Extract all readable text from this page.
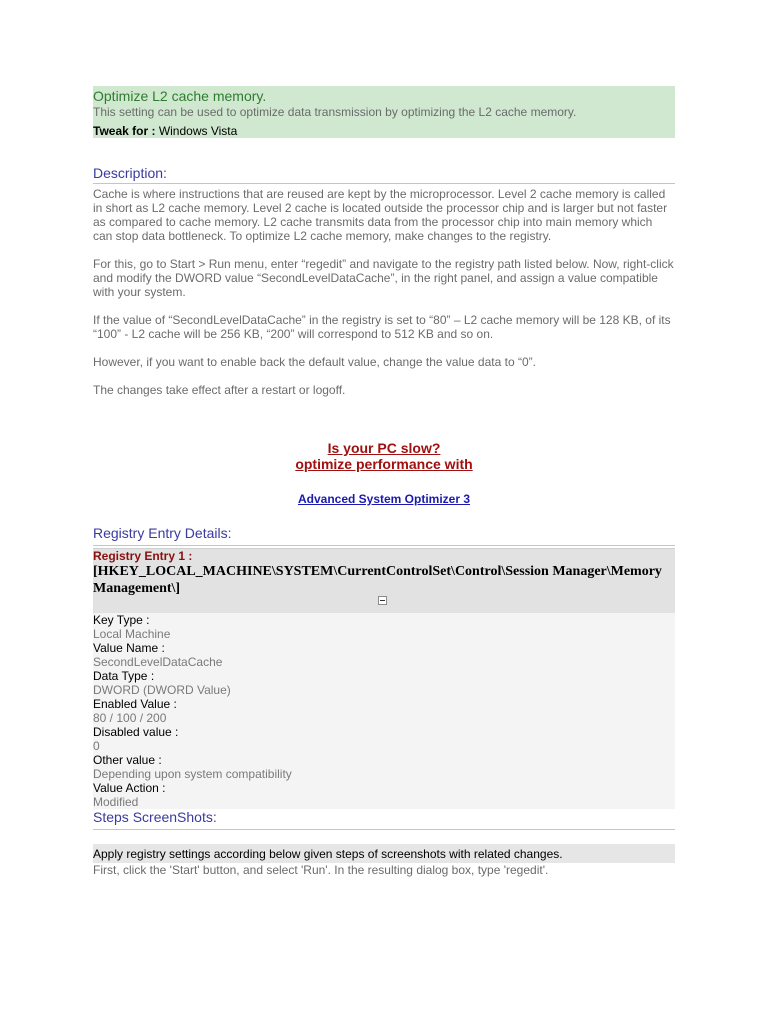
Optimize L2 cache memory.
This setting can be used to optimize data transmission by optimizing the L2 cache memory.
Tweak for : Windows Vista
Description:

Cache is where instructions that are reused are kept by the microprocessor. Level 2 cache memory is called in short as L2 cache memory. Level 2 cache is located outside the processor chip and is larger but not faster as compared to cache memory. L2 cache transmits data from the processor chip into main memory which can stop data bottleneck. To optimize L2 cache memory, make changes to the registry.

For this, go to Start > Run menu, enter “regedit” and navigate to the registry path listed below. Now, right-click and modify the DWORD value “SecondLevelDataCache”, in the right panel, and assign a value compatible with your system.

If the value of “SecondLevelDataCache” in the registry is set to “80” – L2 cache memory will be 128 KB, of its “100” - L2 cache will be 256 KB, “200” will correspond to 512 KB and so on.

However, if you want to enable back the default value, change the value data to “0”.

The changes take effect after a restart or logoff.

Is your PC slow?
optimize performance with
Advanced System Optimizer 3
Registry Entry Details:
Registry Entry 1 :
[HKEY_LOCAL_MACHINE\SYSTEM\CurrentControlSet\Control\Session Manager\Memory Management\]
Key Type :
Local Machine
Value Name :
SecondLevelDataCache
Data Type :
DWORD (DWORD Value)
Enabled Value :
80 / 100 / 200
Disabled value :
0
Other value :
Depending upon system compatibility
Value Action :
Modified
Steps ScreenShots:
Apply registry settings according below given steps of screenshots with related changes.
First, click the 'Start' button, and select 'Run'. In the resulting dialog box, type 'regedit'.
